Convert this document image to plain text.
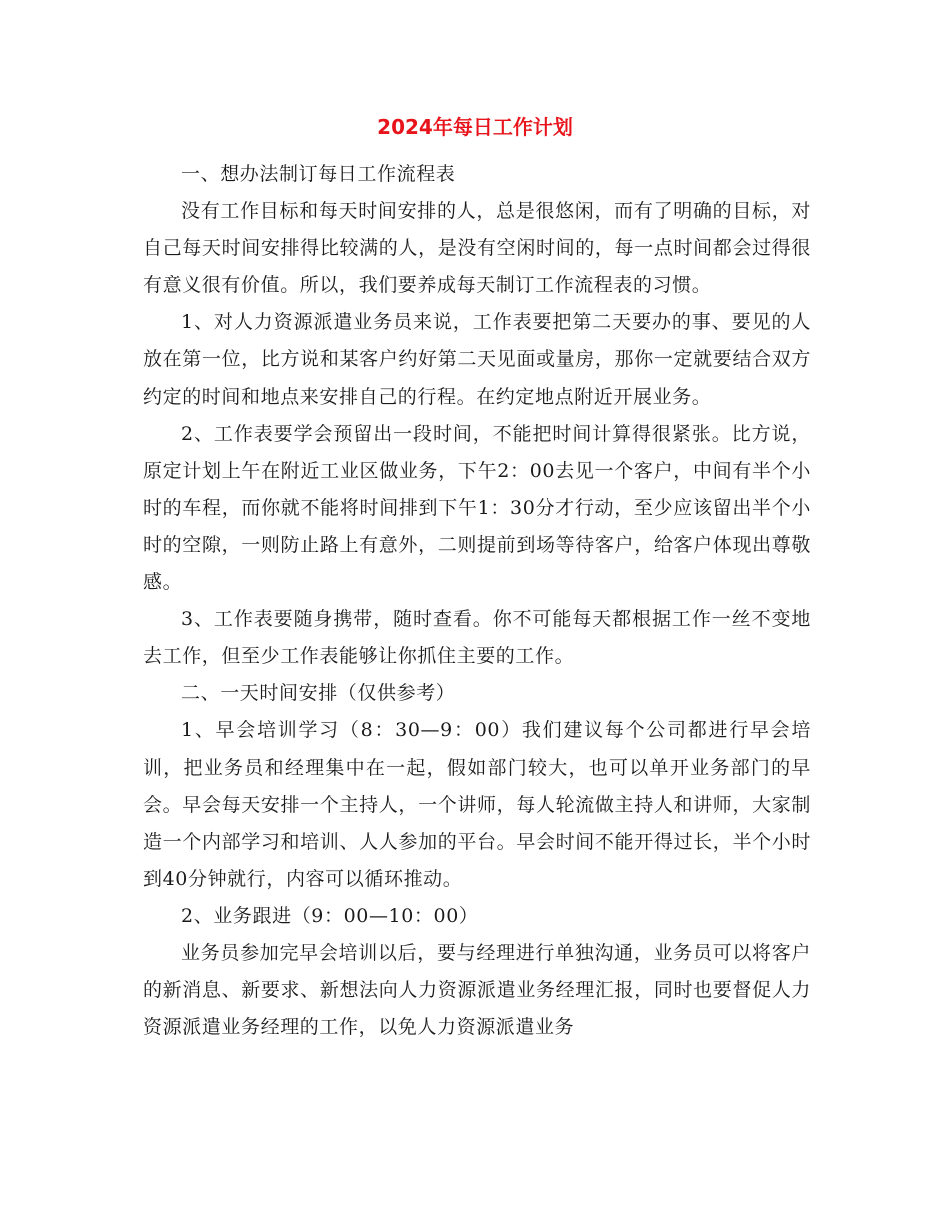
2024年每日工作计划

一、想办法制订每日工作流程表

没有工作目标和每天时间安排的人，总是很悠闲，而有了明确的目标，对自己每天时间安排得比较满的人，是没有空闲时间的，每一点时间都会过得很有意义很有价值。所以，我们要养成每天制订工作流程表的习惯。

1、对人力资源派遣业务员来说，工作表要把第二天要办的事、要见的人放在第一位，比方说和某客户约好第二天见面或量房，那你一定就要结合双方约定的时间和地点来安排自己的行程。在约定地点附近开展业务。

2、工作表要学会预留出一段时间，不能把时间计算得很紧张。比方说，原定计划上午在附近工业区做业务，下午2：00去见一个客户，中间有半个小时的车程，而你就不能将时间排到下午1：30分才行动，至少应该留出半个小时的空隙，一则防止路上有意外，二则提前到场等待客户，给客户体现出尊敬感。

3、工作表要随身携带，随时查看。你不可能每天都根据工作一丝不变地去工作，但至少工作表能够让你抓住主要的工作。

二、一天时间安排（仅供参考）

1、早会培训学习（8：30—9：00）我们建议每个公司都进行早会培训，把业务员和经理集中在一起，假如部门较大，也可以单开业务部门的早会。早会每天安排一个主持人，一个讲师，每人轮流做主持人和讲师，大家制造一个内部学习和培训、人人参加的平台。早会时间不能开得过长，半个小时到40分钟就行，内容可以循环推动。

2、业务跟进（9：00—10：00）

业务员参加完早会培训以后，要与经理进行单独沟通，业务员可以将客户的新消息、新要求、新想法向人力资源派遣业务经理汇报，同时也要督促人力资源派遣业务经理的工作，以免人力资源派遣业务
